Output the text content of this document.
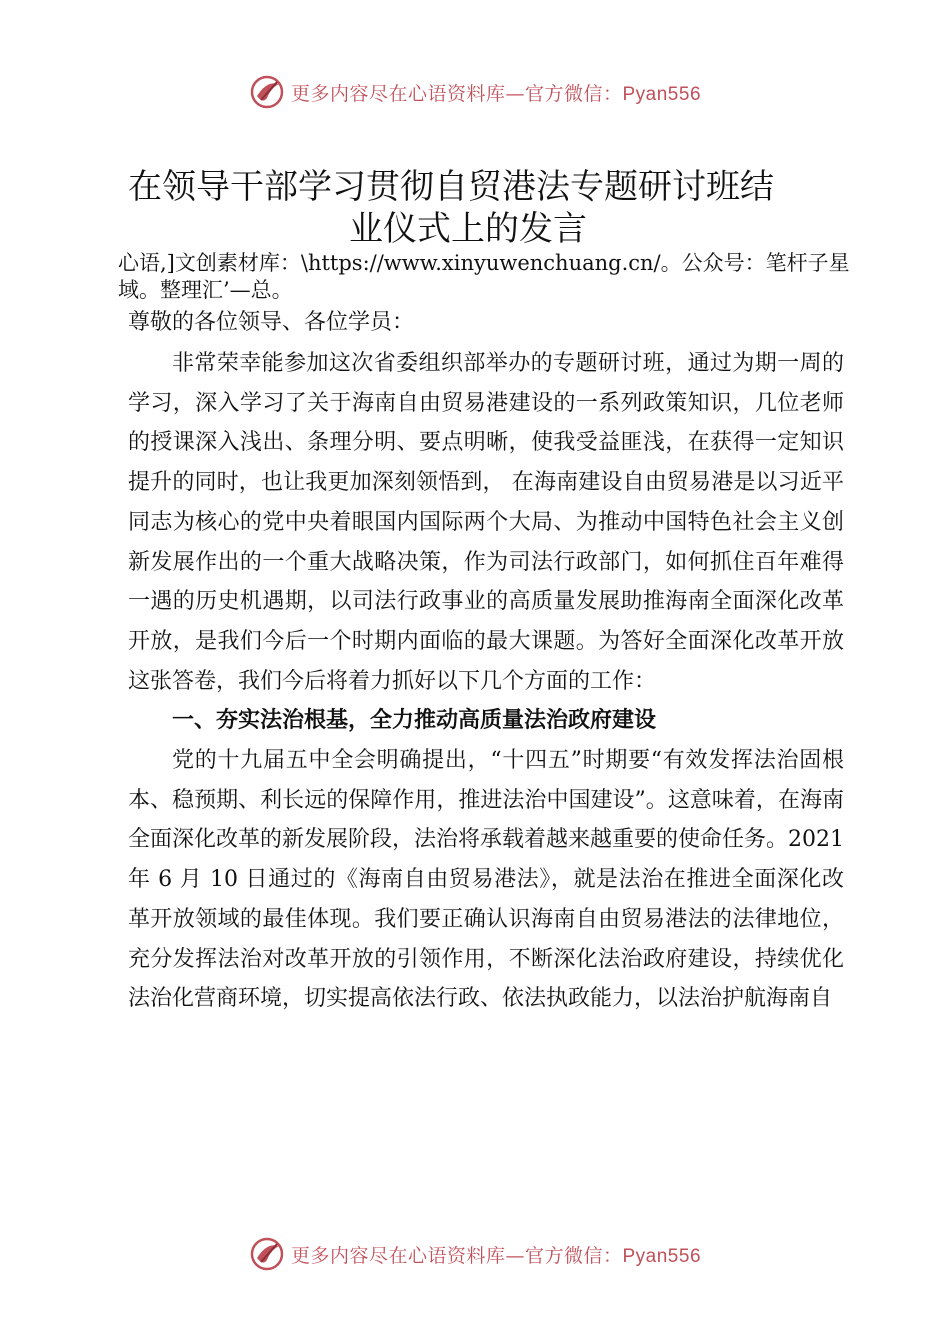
更多内容尽在心语资料库—官方微信：Pyan556
在领导干部学习贯彻自贸港法专题研讨班结
业仪式上的发言
心语,]文创素材库：\https://www.xinyuwenchuang.cn/。公众号：笔杆子星域。整理汇’—总。
尊敬的各位领导、各位学员：

非常荣幸能参加这次省委组织部举办的专题研讨班，通过为期一周的学习，深入学习了关于海南自由贸易港建设的一系列政策知识，几位老师的授课深入浅出、条理分明、要点明晰，使我受益匪浅，在获得一定知识提升的同时，也让我更加深刻领悟到， 在海南建设自由贸易港是以习近平同志为核心的党中央着眼国内国际两个大局、为推动中国特色社会主义创新发展作出的一个重大战略决策，作为司法行政部门，如何抓住百年难得一遇的历史机遇期，以司法行政事业的高质量发展助推海南全面深化改革开放，是我们今后一个时期内面临的最大课题。为答好全面深化改革开放这张答卷，我们今后将着力抓好以下几个方面的工作：

一、夯实法治根基，全力推动高质量法治政府建设

党的十九届五中全会明确提出，“十四五”时期要“有效发挥法治固根本、稳预期、利长远的保障作用，推进法治中国建设”。这意味着，在海南全面深化改革的新发展阶段，法治将承载着越来越重要的使命任务。2021 年 6 月 10 日通过的《海南自由贸易港法》，就是法治在推进全面深化改革开放领域的最佳体现。我们要正确认识海南自由贸易港法的法律地位，充分发挥法治对改革开放的引领作用，不断深化法治政府建设，持续优化法治化营商环境，切实提高依法行政、依法执政能力，以法治护航海南自

更多内容尽在心语资料库—官方微信：Pyan556
